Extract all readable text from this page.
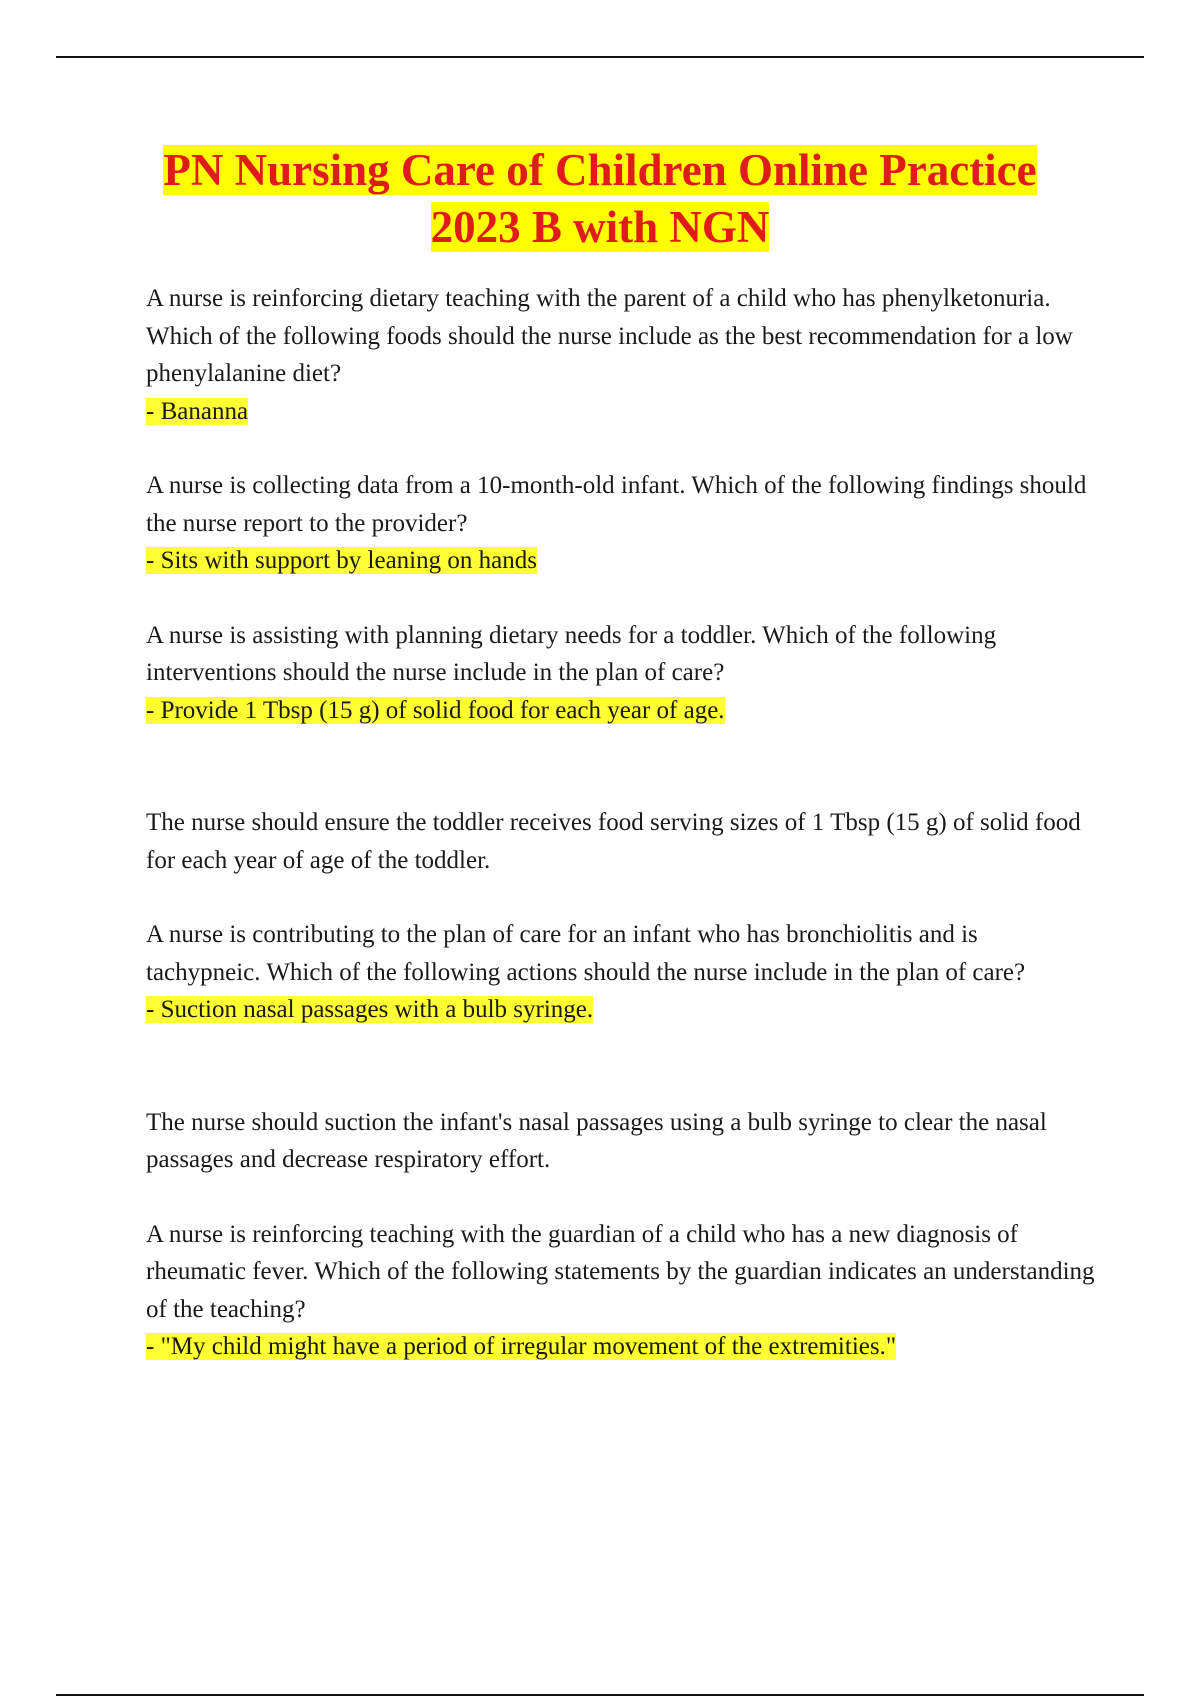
PN Nursing Care of Children Online Practice
2023 B with NGN

A nurse is reinforcing dietary teaching with the parent of a child who has phenylketonuria. Which of the following foods should the nurse include as the best recommendation for a low phenylalanine diet?

- Bananna

A nurse is collecting data from a 10-month-old infant. Which of the following findings should the nurse report to the provider?

- Sits with support by leaning on hands

A nurse is assisting with planning dietary needs for a toddler. Which of the following interventions should the nurse include in the plan of care?

- Provide 1 Tbsp (15 g) of solid food for each year of age.

The nurse should ensure the toddler receives food serving sizes of 1 Tbsp (15 g) of solid food for each year of age of the toddler.

A nurse is contributing to the plan of care for an infant who has bronchiolitis and is tachypneic. Which of the following actions should the nurse include in the plan of care?

- Suction nasal passages with a bulb syringe.

The nurse should suction the infant's nasal passages using a bulb syringe to clear the nasal passages and decrease respiratory effort.

A nurse is reinforcing teaching with the guardian of a child who has a new diagnosis of rheumatic fever. Which of the following statements by the guardian indicates an understanding of the teaching?

- "My child might have a period of irregular movement of the extremities."
